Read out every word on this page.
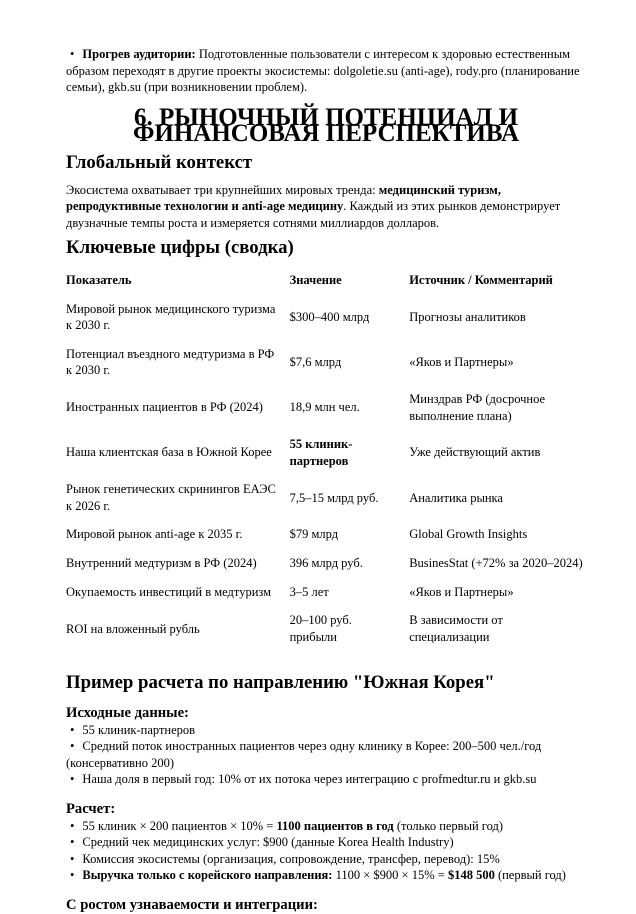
• Прогрев аудитории: Подготовленные пользователи с интересом к здоровью естественным образом переходят в другие проекты экосистемы: dolgoletie.su (anti-age), rody.pro (планирование семьи), gkb.su (при возникновении проблем).

6. РЫНОЧНЫЙ ПОТЕНЦИАЛ И ФИНАНСОВАЯ ПЕРСПЕКТИВА
Глобальный контекст

Экосистема охватывает три крупнейших мировых тренда: медицинский туризм, репродуктивные технологии и anti-age медицину. Каждый из этих рынков демонстрирует двузначные темпы роста и измеряется сотнями миллиардов долларов.

Ключевые цифры (сводка)
Показатель	Значение	Источник / Комментарий
Мировой рынок медицинского туризма к 2030 г.	$300–400 млрд	Прогнозы аналитиков
Потенциал въездного медтуризма в РФ к 2030 г.	$7,6 млрд	«Яков и Партнеры»
Иностранных пациентов в РФ (2024)	18,9 млн чел.	Минздрав РФ (досрочное выполнение плана)
Наша клиентская база в Южной Корее	55 клиник-партнеров	Уже действующий актив
Рынок генетических скринингов ЕАЭС к 2026 г.	7,5–15 млрд руб.	Аналитика рынка
Мировой рынок anti-age к 2035 г.	$79 млрд	Global Growth Insights
Внутренний медтуризм в РФ (2024)	396 млрд руб.	BusinesStat (+72% за 2020–2024)
Окупаемость инвестиций в медтуризм	3–5 лет	«Яков и Партнеры»
ROI на вложенный рубль	20–100 руб. прибыли	В зависимости от специализации
Пример расчета по направлению "Южная Корея"
Исходные данные:

• 55 клиник-партнеров

• Средний поток иностранных пациентов через одну клинику в Корее: 200–500 чел./год (консервативно 200)

• Наша доля в первый год: 10% от их потока через интеграцию с profmedtur.ru и gkb.su

Расчет:

• 55 клиник × 200 пациентов × 10% = 1100 пациентов в год (только первый год)

• Средний чек медицинских услуг: $900 (данные Korea Health Industry)

• Комиссия экосистемы (организация, сопровождение, трансфер, перевод): 15%

• Выручка только с корейского направления: 1100 × $900 × 15% = $148 500 (первый год)

С ростом узнаваемости и интеграции:
